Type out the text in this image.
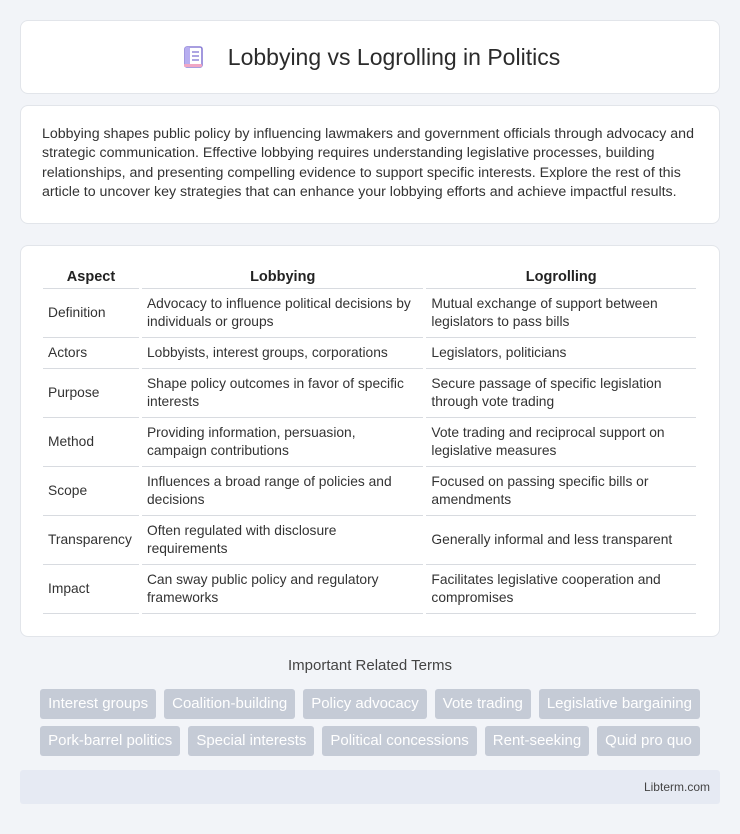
Lobbying vs Logrolling in Politics

Lobbying shapes public policy by influencing lawmakers and government officials through advocacy and strategic communication. Effective lobbying requires understanding legislative processes, building relationships, and presenting compelling evidence to support specific interests. Explore the rest of this article to uncover key strategies that can enhance your lobbying efforts and achieve impactful results.

Aspect	Lobbying	Logrolling
Definition	Advocacy to influence political decisions by individuals or groups	Mutual exchange of support between legislators to pass bills
Actors	Lobbyists, interest groups, corporations	Legislators, politicians
Purpose	Shape policy outcomes in favor of specific interests	Secure passage of specific legislation through vote trading
Method	Providing information, persuasion, campaign contributions	Vote trading and reciprocal support on legislative measures
Scope	Influences a broad range of policies and decisions	Focused on passing specific bills or amendments
Transparency	Often regulated with disclosure requirements	Generally informal and less transparent
Impact	Can sway public policy and regulatory frameworks	Facilitates legislative cooperation and compromises
Important Related Terms
Interest groups	Coalition-building	Policy advocacy	Vote trading	Legislative bargaining
Pork-barrel politics	Special interests	Political concessions	Rent-seeking	Quid pro quo
Libterm.com
